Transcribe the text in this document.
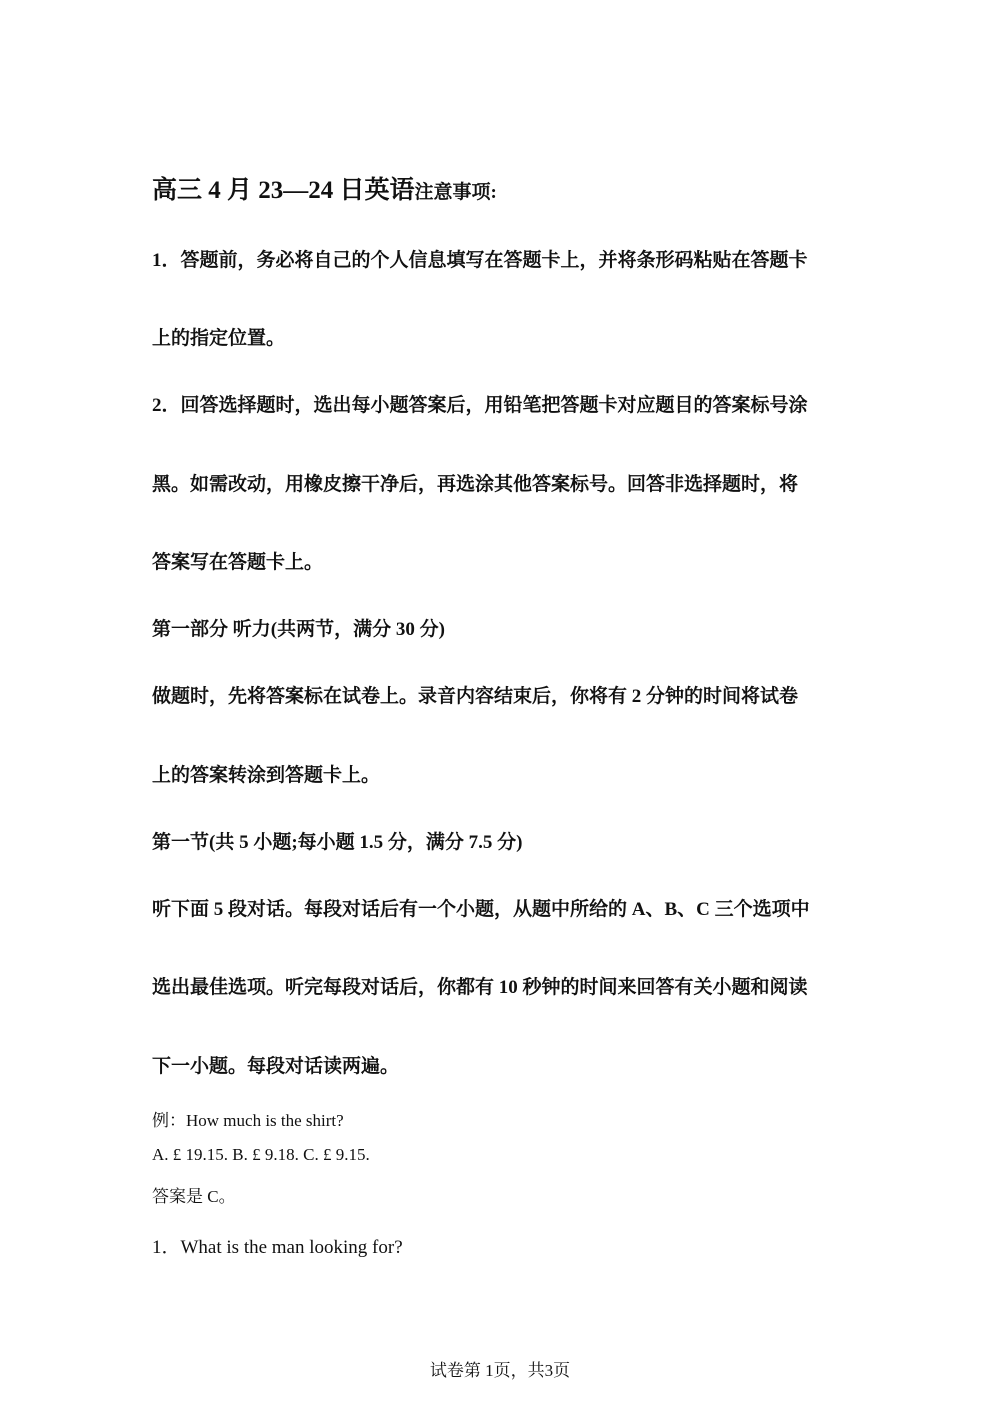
高三 4 月 23—24 日英语注意事项:
1．答题前，务必将自己的个人信息填写在答题卡上，并将条形码粘贴在答题卡
上的指定位置。
2．回答选择题时，选出每小题答案后，用铅笔把答题卡对应题目的答案标号涂
黑。如需改动，用橡皮擦干净后，再选涂其他答案标号。回答非选择题时，将
答案写在答题卡上。
第一部分 听力(共两节，满分 30 分)
做题时，先将答案标在试卷上。录音内容结束后，你将有 2 分钟的时间将试卷
上的答案转涂到答题卡上。
第一节(共 5 小题;每小题 1.5 分，满分 7.5 分)
听下面 5 段对话。每段对话后有一个小题，从题中所给的 A、B、C 三个选项中
选出最佳选项。听完每段对话后，你都有 10 秒钟的时间来回答有关小题和阅读
下一小题。每段对话读两遍。
例：How much is the shirt?
A. £ 19.15. B. £ 9.18. C. £ 9.15.
答案是 C。
1．What is the man looking for?
试卷第 1页，共3页
